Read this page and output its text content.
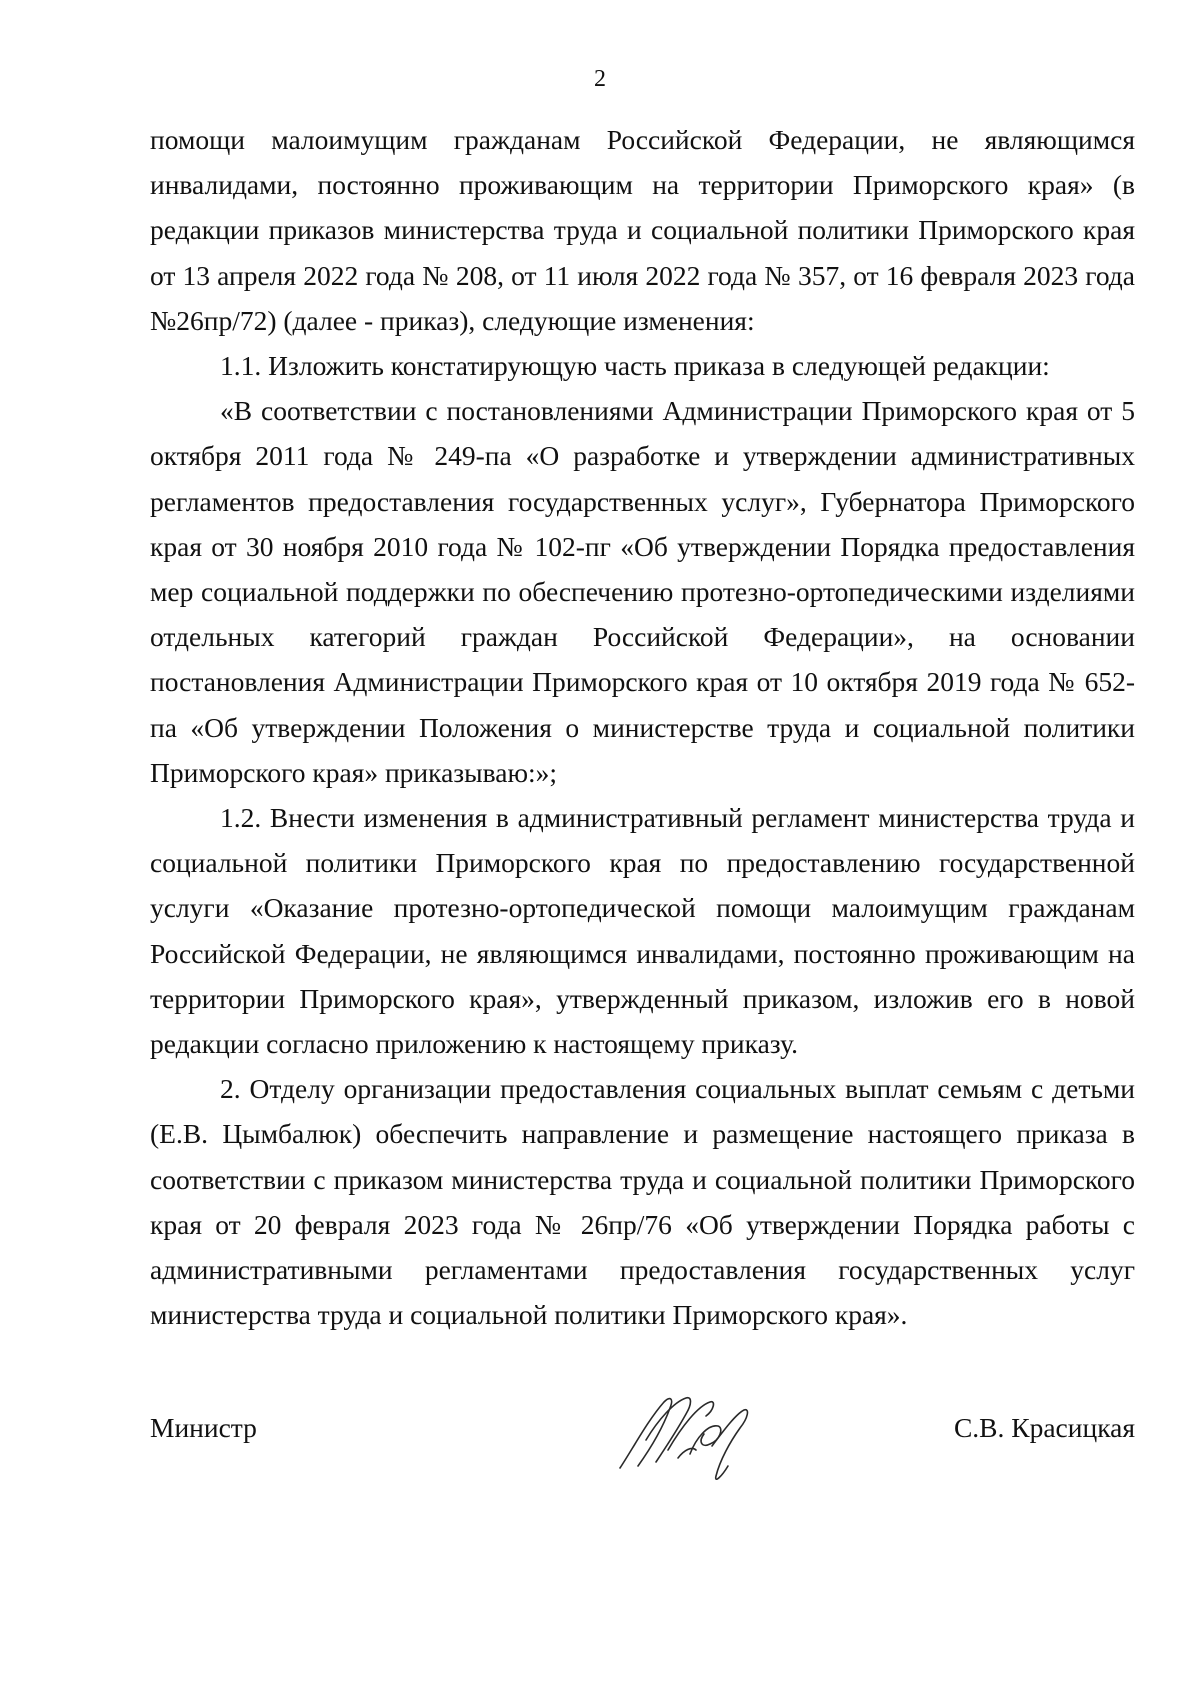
2

помощи малоимущим гражданам Российской Федерации, не являющимся инвалидами, постоянно проживающим на территории Приморского края» (в редакции приказов министерства труда и социальной политики Приморского края от 13 апреля 2022 года № 208, от 11 июля 2022 года № 357, от 16 февраля 2023 года №26пр/72) (далее - приказ), следующие изменения:

1.1. Изложить констатирующую часть приказа в следующей редакции:

«В соответствии с постановлениями Администрации Приморского края от 5 октября 2011 года № 249-па «О разработке и утверждении административных регламентов предоставления государственных услуг», Губернатора Приморского края от 30 ноября 2010 года № 102-пг «Об утверждении Порядка предоставления мер социальной поддержки по обеспечению протезно-ортопедическими изделиями отдельных категорий граждан Российской Федерации», на основании постановления Администрации Приморского края от 10 октября 2019 года № 652-па «Об утверждении Положения о министерстве труда и социальной политики Приморского края» приказываю:»;

1.2. Внести изменения в административный регламент министерства труда и социальной политики Приморского края по предоставлению государственной услуги «Оказание протезно-ортопедической помощи малоимущим гражданам Российской Федерации, не являющимся инвалидами, постоянно проживающим на территории Приморского края», утвержденный приказом, изложив его в новой редакции согласно приложению к настоящему приказу.

2. Отделу организации предоставления социальных выплат семьям с детьми (Е.В. Цымбалюк) обеспечить направление и размещение настоящего приказа в соответствии с приказом министерства труда и социальной политики Приморского края от 20 февраля 2023 года № 26пр/76 «Об утверждении Порядка работы с административными регламентами предоставления государственных услуг министерства труда и социальной политики Приморского края».

Министр	С.В. Красицкая
